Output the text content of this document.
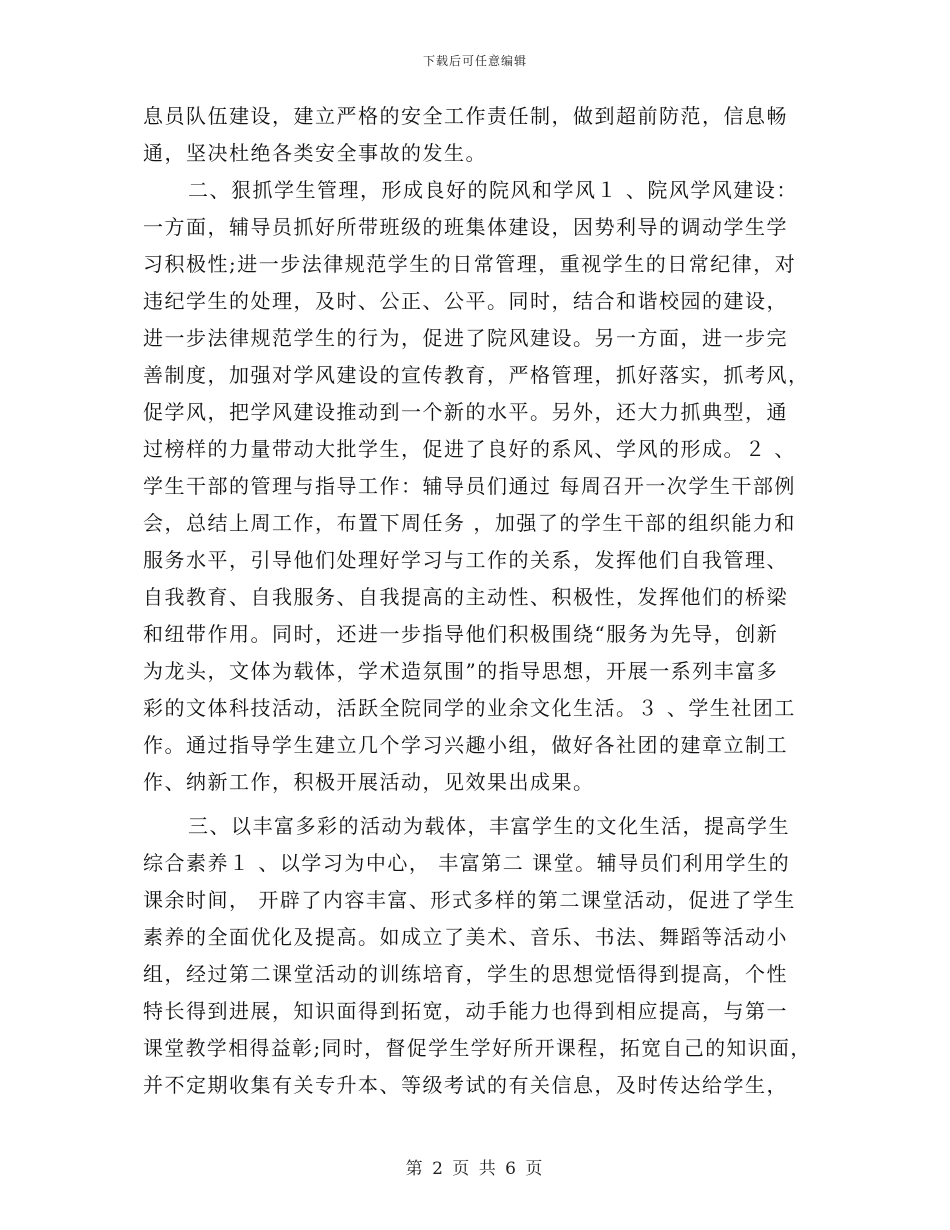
下载后可任意编辑
息员队伍建设，建立严格的安全工作责任制，做到超前防范，信息畅
通，坚决杜绝各类安全事故的发生。
二、狠抓学生管理，形成良好的院风和学风１ 、院风学风建设：
一方面，辅导员抓好所带班级的班集体建设，因势利导的调动学生学
习积极性;进一步法律规范学生的日常管理，重视学生的日常纪律，对
违纪学生的处理，及时、公正、公平。同时，结合和谐校园的建设，
进一步法律规范学生的行为，促进了院风建设。另一方面，进一步完
善制度，加强对学风建设的宣传教育，严格管理，抓好落实，抓考风，
促学风，把学风建设推动到一个新的水平。另外，还大力抓典型，通
过榜样的力量带动大批学生，促进了良好的系风、学风的形成。２ 、
学生干部的管理与指导工作：辅导员们通过 每周召开一次学生干部例
会，总结上周工作，布置下周任务 ，加强了的学生干部的组织能力和
服务水平，引导他们处理好学习与工作的关系，发挥他们自我管理、
自我教育、自我服务、自我提高的主动性、积极性，发挥他们的桥梁
和纽带作用。同时，还进一步指导他们积极围绕“服务为先导，创新
为龙头，文体为载体，学术造氛围”的指导思想，开展一系列丰富多
彩的文体科技活动，活跃全院同学的业余文化生活。３ 、学生社团工
作。通过指导学生建立几个学习兴趣小组，做好各社团的建章立制工
作、纳新工作，积极开展活动，见效果出成果。
三、以丰富多彩的活动为载体，丰富学生的文化生活，提高学生
综合素养１ 、以学习为中心， 丰富第二 课堂。辅导员们利用学生的
课余时间， 开辟了内容丰富、形式多样的第二课堂活动，促进了学生
素养的全面优化及提高。如成立了美术、音乐、书法、舞蹈等活动小
组，经过第二课堂活动的训练培育，学生的思想觉悟得到提高，个性
特长得到进展，知识面得到拓宽，动手能力也得到相应提高，与第一
课堂教学相得益彰;同时，督促学生学好所开课程，拓宽自己的知识面，
并不定期收集有关专升本、等级考试的有关信息，及时传达给学生，
第 2 页 共 6 页
